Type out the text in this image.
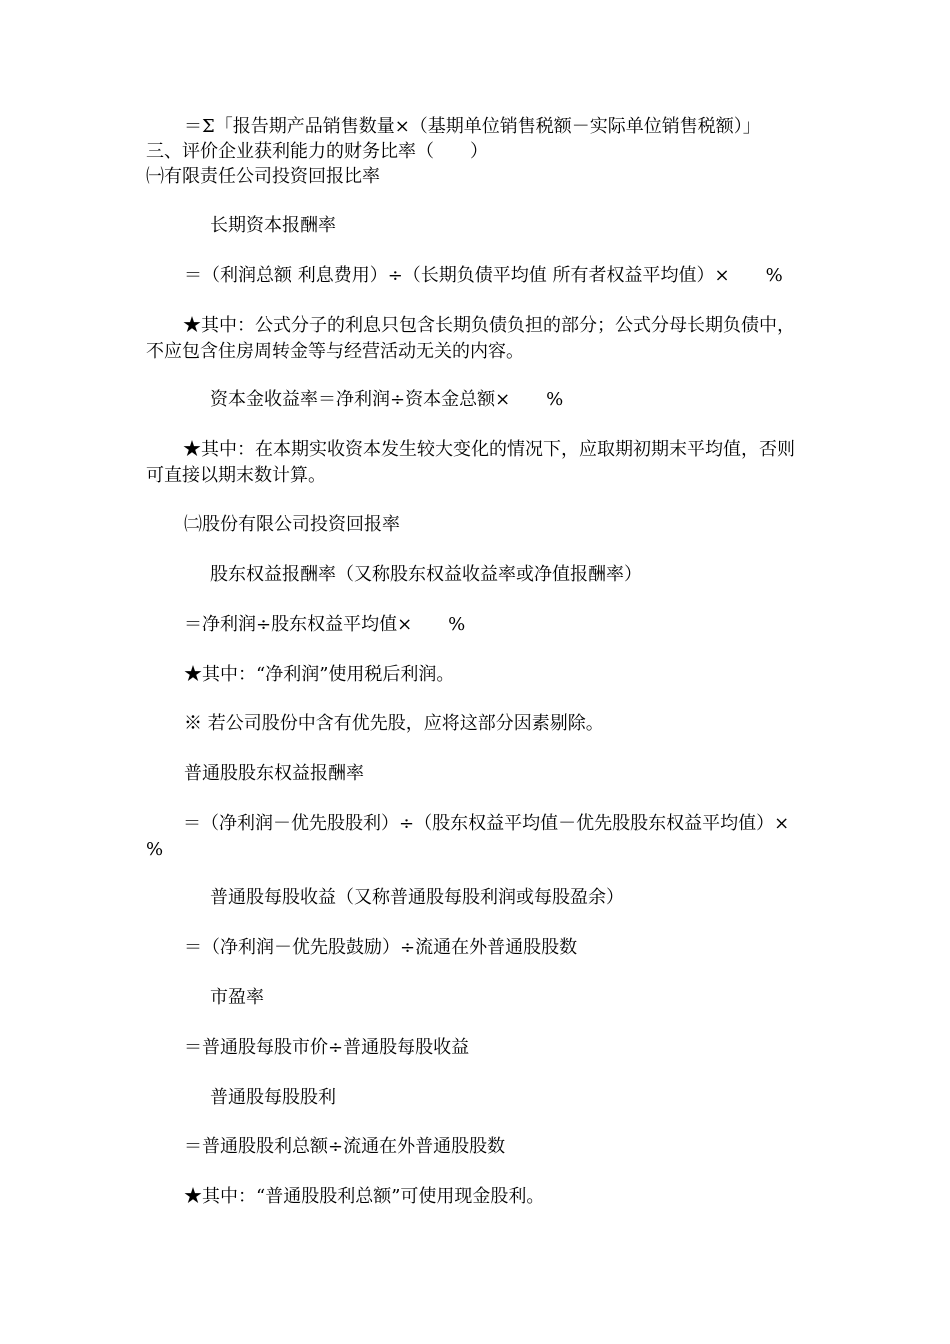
＝Σ「报告期产品销售数量×（基期单位销售税额－实际单位销售税额）」

三、评价企业获利能力的财务比率（　　）

㈠有限责任公司投资回报比率

长期资本报酬率

＝（利润总额 利息费用）÷（长期负债平均值 所有者权益平均值）×　　%

★其中：公式分子的利息只包含长期负债负担的部分；公式分母长期负债中，不应包含住房周转金等与经营活动无关的内容。

资本金收益率＝净利润÷资本金总额×　　%

★其中：在本期实收资本发生较大变化的情况下，应取期初期末平均值，否则可直接以期末数计算。

㈡股份有限公司投资回报率

股东权益报酬率（又称股东权益收益率或净值报酬率）

＝净利润÷股东权益平均值×　　%

★其中：“净利润”使用税后利润。

※ 若公司股份中含有优先股，应将这部分因素剔除。

普通股股东权益报酬率

＝（净利润－优先股股利）÷（股东权益平均值－优先股股东权益平均值）×　　%

普通股每股收益（又称普通股每股利润或每股盈余）

＝（净利润－优先股鼓励）÷流通在外普通股股数

市盈率

＝普通股每股市价÷普通股每股收益

普通股每股股利

＝普通股股利总额÷流通在外普通股股数

★其中：“普通股股利总额”可使用现金股利。
